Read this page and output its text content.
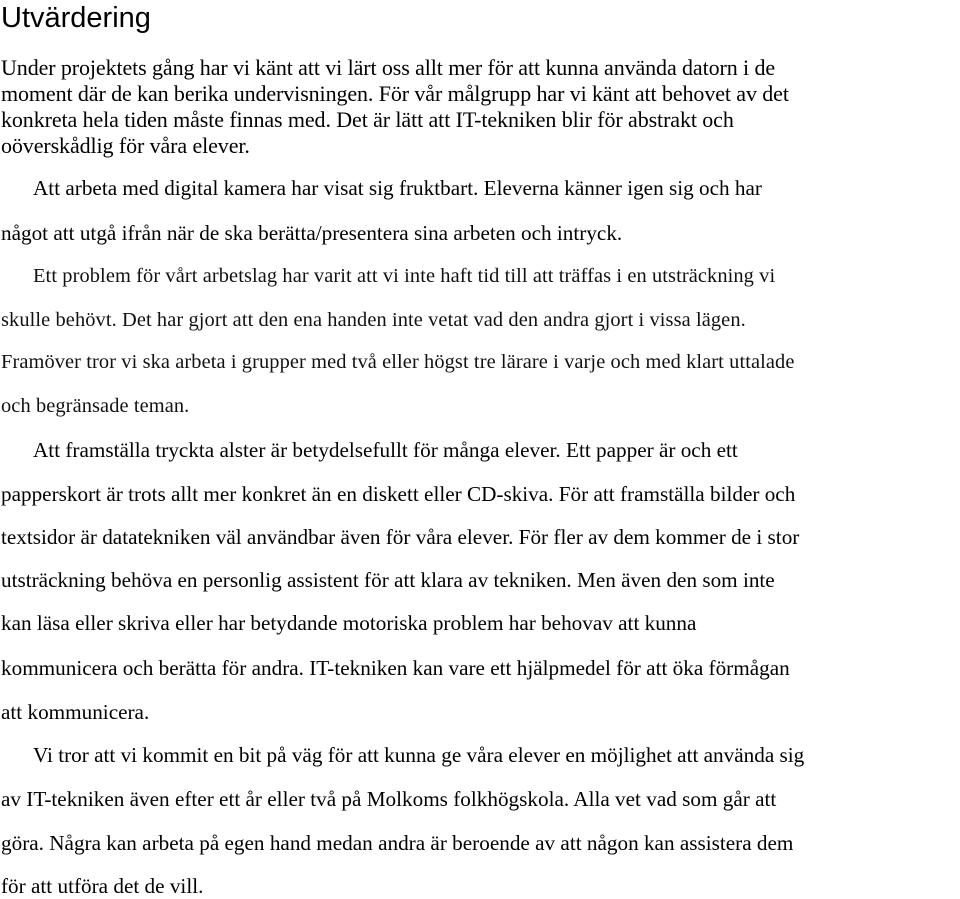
Utvärdering

Under projektets gång har vi känt att vi lärt oss allt mer för att kunna använda datorn i de

moment där de kan berika undervisningen. För vår målgrupp har vi känt att behovet av det

konkreta hela tiden måste finnas med. Det är lätt att IT-tekniken blir för abstrakt och

oöverskådlig för våra elever.

Att arbeta med digital kamera har visat sig fruktbart. Eleverna känner igen sig och har

något att utgå ifrån när de ska berätta/presentera sina arbeten och intryck.

Ett problem för vårt arbetslag har varit att vi inte haft tid till att träffas i en utsträckning vi

skulle behövt. Det har gjort att den ena handen inte vetat vad den andra gjort i vissa lägen.

Framöver tror vi ska arbeta i grupper med två eller högst tre lärare i varje och med klart uttalade

och begränsade teman.

Att framställa tryckta alster är betydelsefullt för många elever. Ett papper är och ett

papperskort är trots allt mer konkret än en diskett eller CD-skiva. För att framställa bilder och

textsidor är datatekniken väl användbar även för våra elever. För fler av dem kommer de i stor

utsträckning behöva en personlig assistent för att klara av tekniken. Men även den som inte

kan läsa eller skriva eller har betydande motoriska problem har behovav att kunna

kommunicera och berätta för andra. IT-tekniken kan vare ett hjälpmedel för att öka förmågan

att kommunicera.

Vi tror att vi kommit en bit på väg för att kunna ge våra elever en möjlighet att använda sig

av IT-tekniken även efter ett år eller två på Molkoms folkhögskola. Alla vet vad som går att

göra. Några kan arbeta på egen hand medan andra är beroende av att någon kan assistera dem

för att utföra det de vill.
